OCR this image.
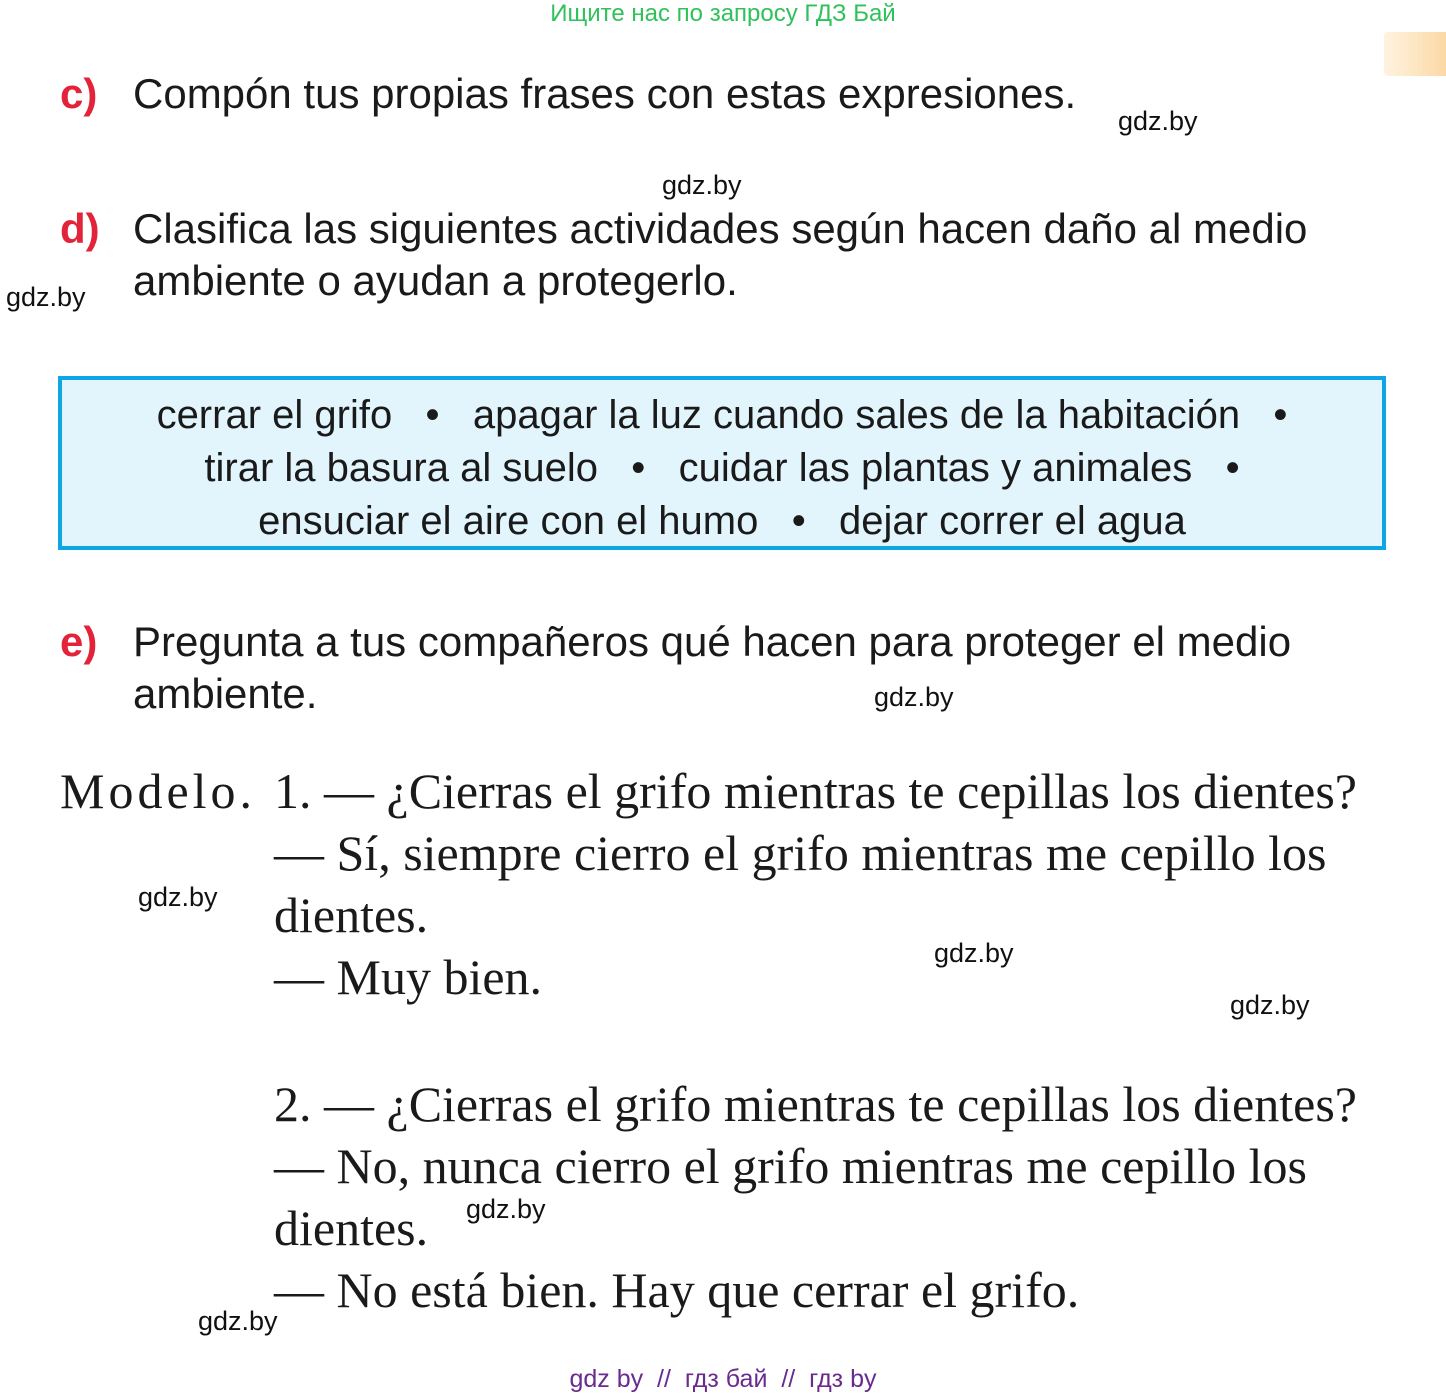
Ищите нас по запросу ГДЗ Бай
c) Compón tus propias frases con estas expresiones.
d) Clasifica las siguientes actividades según hacen daño al medio
ambiente o ayudan a protegerlo.
cerrar el grifo   •   apagar la luz cuando sales de la habitación   •
tirar la basura al suelo   •   cuidar las plantas y animales   •
ensuciar el aire con el humo   •   dejar correr el agua
e) Pregunta a tus compañeros qué hacen para proteger el medio
ambiente.
Modelo. 1. — ¿Cierras el grifo mientras te cepillas los dientes?
— Sí, siempre cierro el grifo mientras me cepillo los
dientes.
— Muy bien.
2. — ¿Cierras el grifo mientras te cepillas los dientes?
— No, nunca cierro el grifo mientras me cepillo los
dientes.
— No está bien. Hay que cerrar el grifo.
gdz.by
gdz.by
gdz.by
gdz.by
gdz.by
gdz.by
gdz.by
gdz.by
gdz.by
gdz by  //  гдз бай  //  гдз by
